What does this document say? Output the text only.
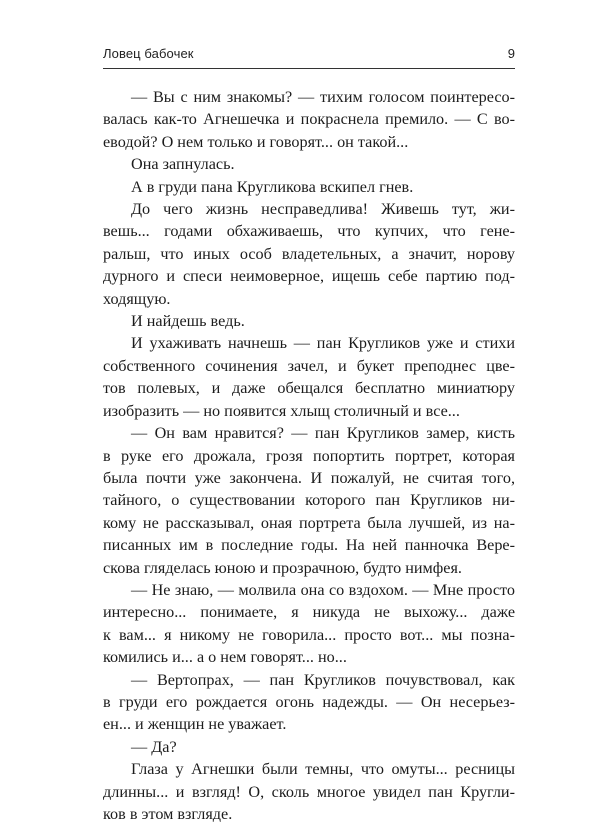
Ловец бабочек	9
— Вы с ним знакомы? — тихим голосом поинтересо-
валась как-то Агнешечка и покраснела премило. — С во-
еводой? О нем только и говорят... он такой...
Она запнулась.
А в груди пана Кругликова вскипел гнев.
До чего жизнь несправедлива! Живешь тут, жи-
вешь... годами обхаживаешь, что купчих, что гене-
ральш, что иных особ владетельных, а значит, норову
дурного и спеси неимоверное, ищешь себе партию под-
ходящую.
И найдешь ведь.
И ухаживать начнешь — пан Кругликов уже и стихи
собственного сочинения зачел, и букет преподнес цве-
тов полевых, и даже обещался бесплатно миниатюру
изобразить — но появится хлыщ столичный и все...
— Он вам нравится? — пан Кругликов замер, кисть
в руке его дрожала, грозя попортить портрет, которая
была почти уже закончена. И пожалуй, не считая того,
тайного, о существовании которого пан Кругликов ни-
кому не рассказывал, оная портрета была лучшей, из на-
писанных им в последние годы. На ней панночка Вере-
скова гляделась юною и прозрачною, будто нимфея.
— Не знаю, — молвила она со вздохом. — Мне просто
интересно... понимаете, я никуда не выхожу... даже
к вам... я никому не говорила... просто вот... мы позна-
комились и... а о нем говорят... но...
— Вертопрах, — пан Кругликов почувствовал, как
в груди его рождается огонь надежды. — Он несерьез-
ен... и женщин не уважает.
— Да?
Глаза у Агнешки были темны, что омуты... ресницы
длинны... и взгляд! О, сколь многое увидел пан Кругли-
ков в этом взгляде.
